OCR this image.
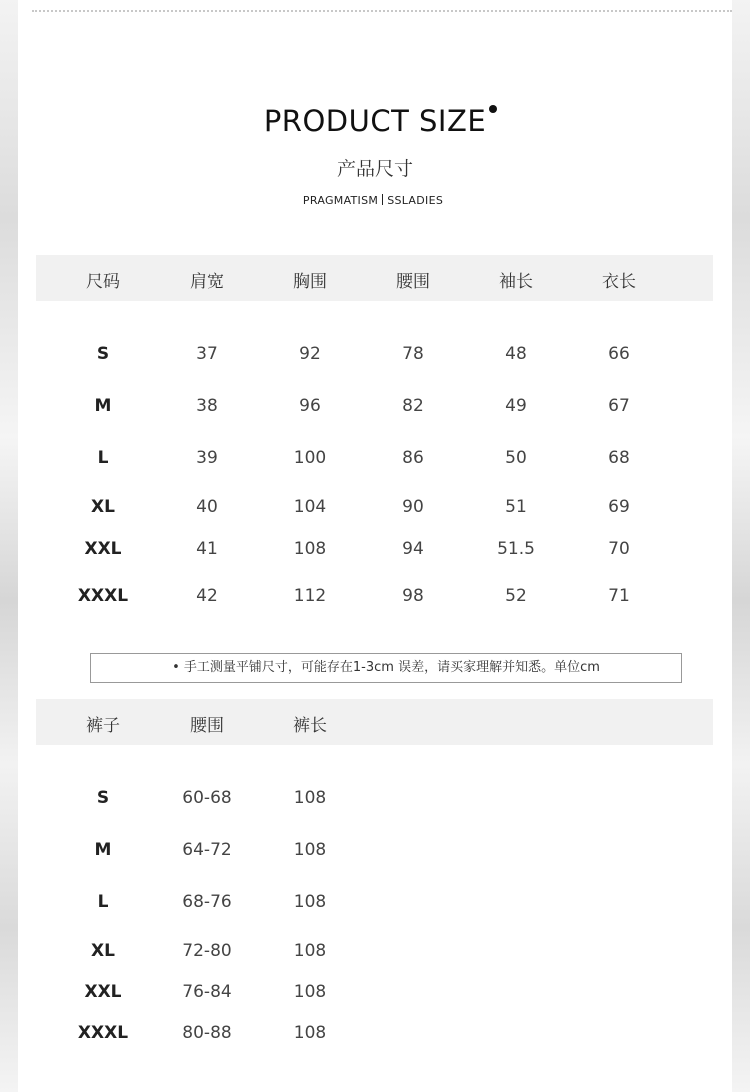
PRODUCT SIZE
产品尺寸
PRAGMATISM SSLADIES
尺码	肩宽	胸围	腰围	袖长	衣长
S	37	92	78	48	66
M	38	96	82	49	67
L	39	100	86	50	68
XL	40	104	90	51	69
XXL	41	108	94	51.5	70
XXXL	42	112	98	52	71
• 手工测量平铺尺寸，可能存在1-3cm 误差，请买家理解并知悉。单位cm
裤子	腰围	裤长
S	60-68	108
M	64-72	108
L	68-76	108
XL	72-80	108
XXL	76-84	108
XXXL	80-88	108
